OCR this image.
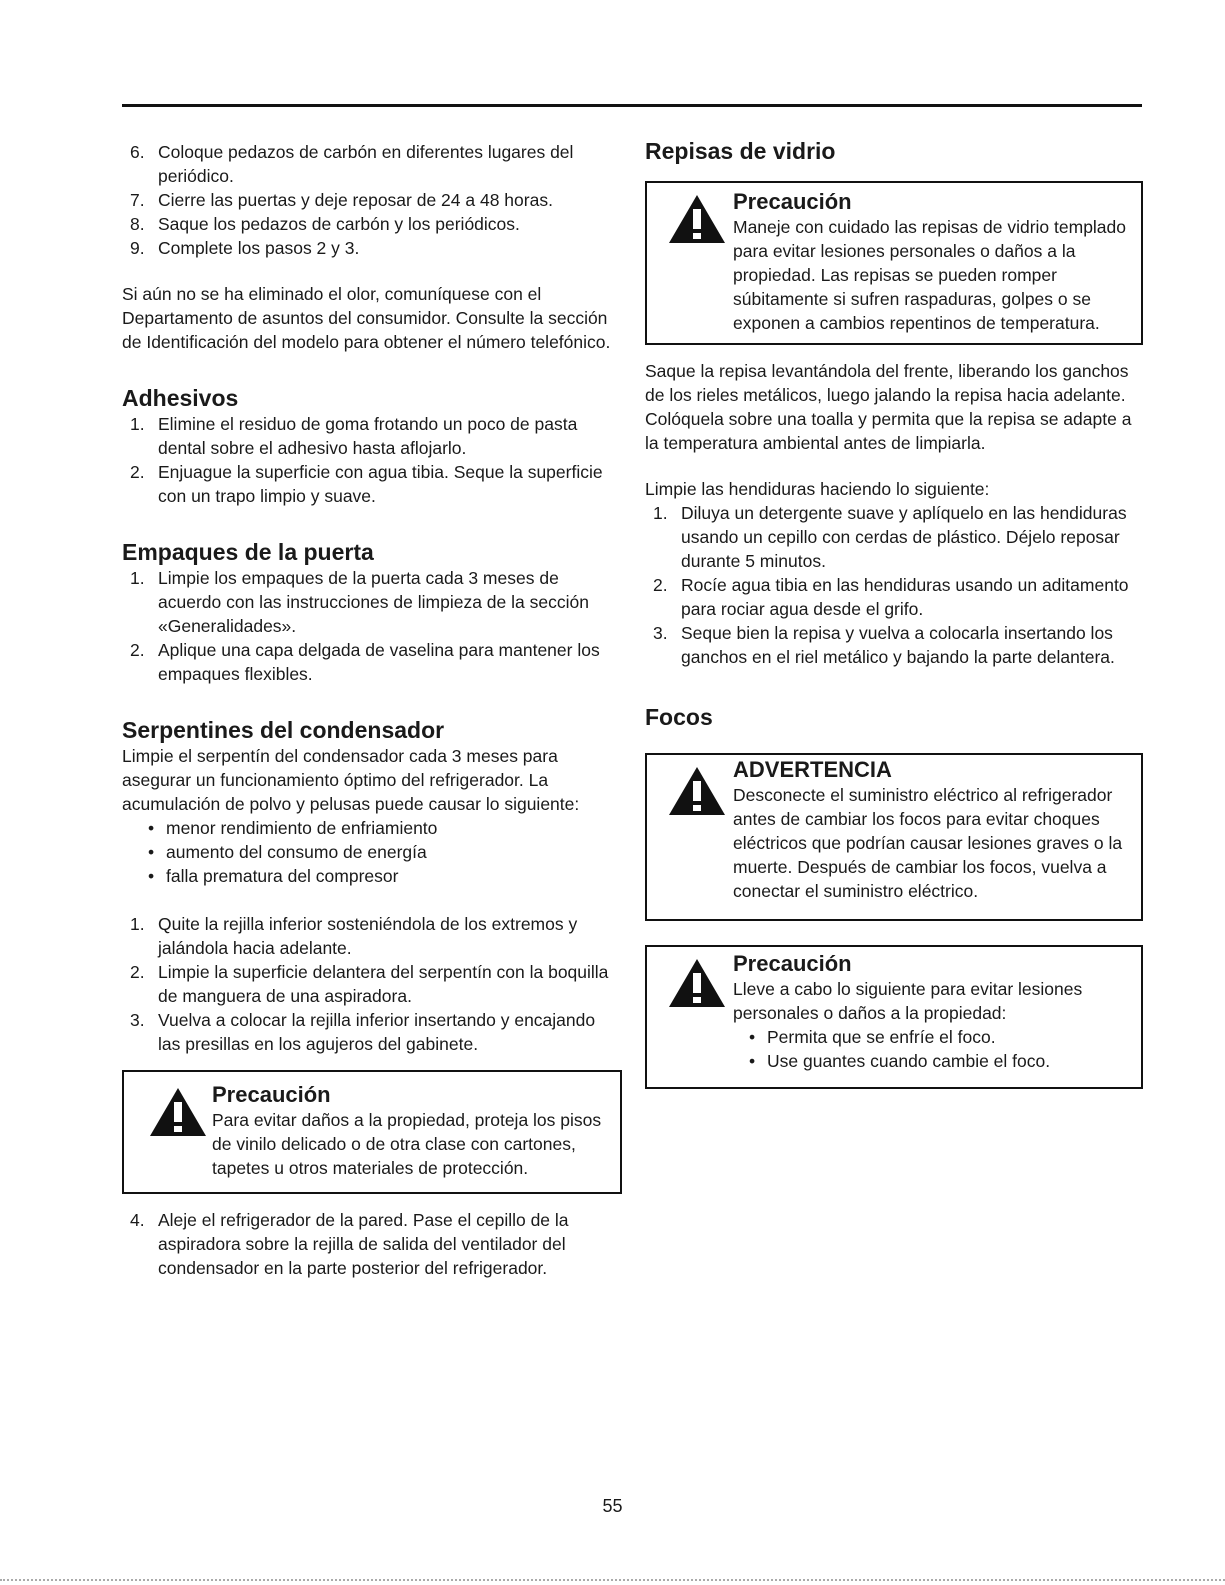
6. Coloque pedazos de carbón en diferentes lugares del periódico.
7. Cierre las puertas y deje reposar de 24 a 48 horas.
8. Saque los pedazos de carbón y los periódicos.
9. Complete los pasos 2 y 3.

Si aún no se ha eliminado el olor, comuníquese con el Departamento de asuntos del consumidor. Consulte la sección de Identificación del modelo para obtener el número telefónico.

Adhesivos
1. Elimine el residuo de goma frotando un poco de pasta dental sobre el adhesivo hasta aflojarlo.
2. Enjuague la superficie con agua tibia. Seque la superficie con un trapo limpio y suave.
Empaques de la puerta
1. Limpie los empaques de la puerta cada 3 meses de acuerdo con las instrucciones de limpieza de la sección «Generalidades».
2. Aplique una capa delgada de vaselina para mantener los empaques flexibles.
Serpentines del condensador

Limpie el serpentín del condensador cada 3 meses para asegurar un funcionamiento óptimo del refrigerador. La acumulación de polvo y pelusas puede causar lo siguiente:

• menor rendimiento de enfriamiento
• aumento del consumo de energía
• falla prematura del compresor
1. Quite la rejilla inferior sosteniéndola de los extremos y jalándola hacia adelante.
2. Limpie la superficie delantera del serpentín con la boquilla de manguera de una aspiradora.
3. Vuelva a colocar la rejilla inferior insertando y encajando las presillas en los agujeros del gabinete.
Precaución
Para evitar daños a la propiedad, proteja los pisos de vinilo delicado o de otra clase con cartones, tapetes u otros materiales de protección.
4. Aleje el refrigerador de la pared. Pase el cepillo de la aspiradora sobre la rejilla de salida del ventilador del condensador en la parte posterior del refrigerador.
Repisas de vidrio
Precaución
Maneje con cuidado las repisas de vidrio templado para evitar lesiones personales o daños a la propiedad. Las repisas se pueden romper súbitamente si sufren raspaduras, golpes o se exponen a cambios repentinos de temperatura.

Saque la repisa levantándola del frente, liberando los ganchos de los rieles metálicos, luego jalando la repisa hacia adelante. Colóquela sobre una toalla y permita que la repisa se adapte a la temperatura ambiental antes de limpiarla.

Limpie las hendiduras haciendo lo siguiente:

1. Diluya un detergente suave y aplíquelo en las hendiduras usando un cepillo con cerdas de plástico. Déjelo reposar durante 5 minutos.
2. Rocíe agua tibia en las hendiduras usando un aditamento para rociar agua desde el grifo.
3. Seque bien la repisa y vuelva a colocarla insertando los ganchos en el riel metálico y bajando la parte delantera.
Focos
ADVERTENCIA
Desconecte el suministro eléctrico al refrigerador antes de cambiar los focos para evitar choques eléctricos que podrían causar lesiones graves o la muerte. Después de cambiar los focos, vuelva a conectar el suministro eléctrico.
Precaución
Lleve a cabo lo siguiente para evitar lesiones personales o daños a la propiedad:
• Permita que se enfríe el foco.
• Use guantes cuando cambie el foco.
55
